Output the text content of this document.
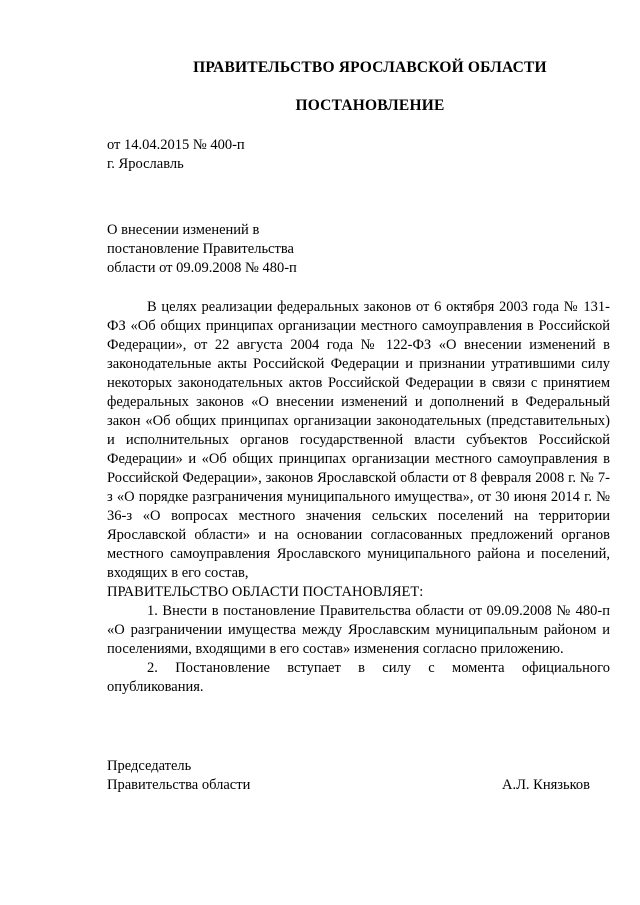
ПРАВИТЕЛЬСТВО ЯРОСЛАВСКОЙ ОБЛАСТИ
ПОСТАНОВЛЕНИЕ
от 14.04.2015 № 400-п
г. Ярославль
О внесении изменений в
постановление Правительства
области от 09.09.2008 № 480-п

В целях реализации федеральных законов от 6 октября 2003 года № 131-ФЗ «Об общих принципах организации местного самоуправления в Российской Федерации», от 22 августа 2004 года № 122-ФЗ «О внесении изменений в законодательные акты Российской Федерации и признании утратившими силу некоторых законодательных актов Российской Федерации в связи с принятием федеральных законов «О внесении изменений и дополнений в Федеральный закон «Об общих принципах организации законодательных (представительных) и исполнительных органов государственной власти субъектов Российской Федерации» и «Об общих принципах организации местного самоуправления в Российской Федерации», законов Ярославской области от 8 февраля 2008 г. № 7-з «О порядке разграничения муниципального имущества», от 30 июня 2014 г. № 36-з «О вопросах местного значения сельских поселений на территории Ярославской области» и на основании согласованных предложений органов местного самоуправления Ярославского муниципального района и поселений, входящих в его состав,

ПРАВИТЕЛЬСТВО ОБЛАСТИ ПОСТАНОВЛЯЕТ:

1. Внести в постановление Правительства области от 09.09.2008 № 480-п «О разграничении имущества между Ярославским муниципальным районом и поселениями, входящими в его состав» изменения согласно приложению.

2. Постановление вступает в силу с момента официального опубликования.

Председатель
Правительства области	А.Л. Князьков
